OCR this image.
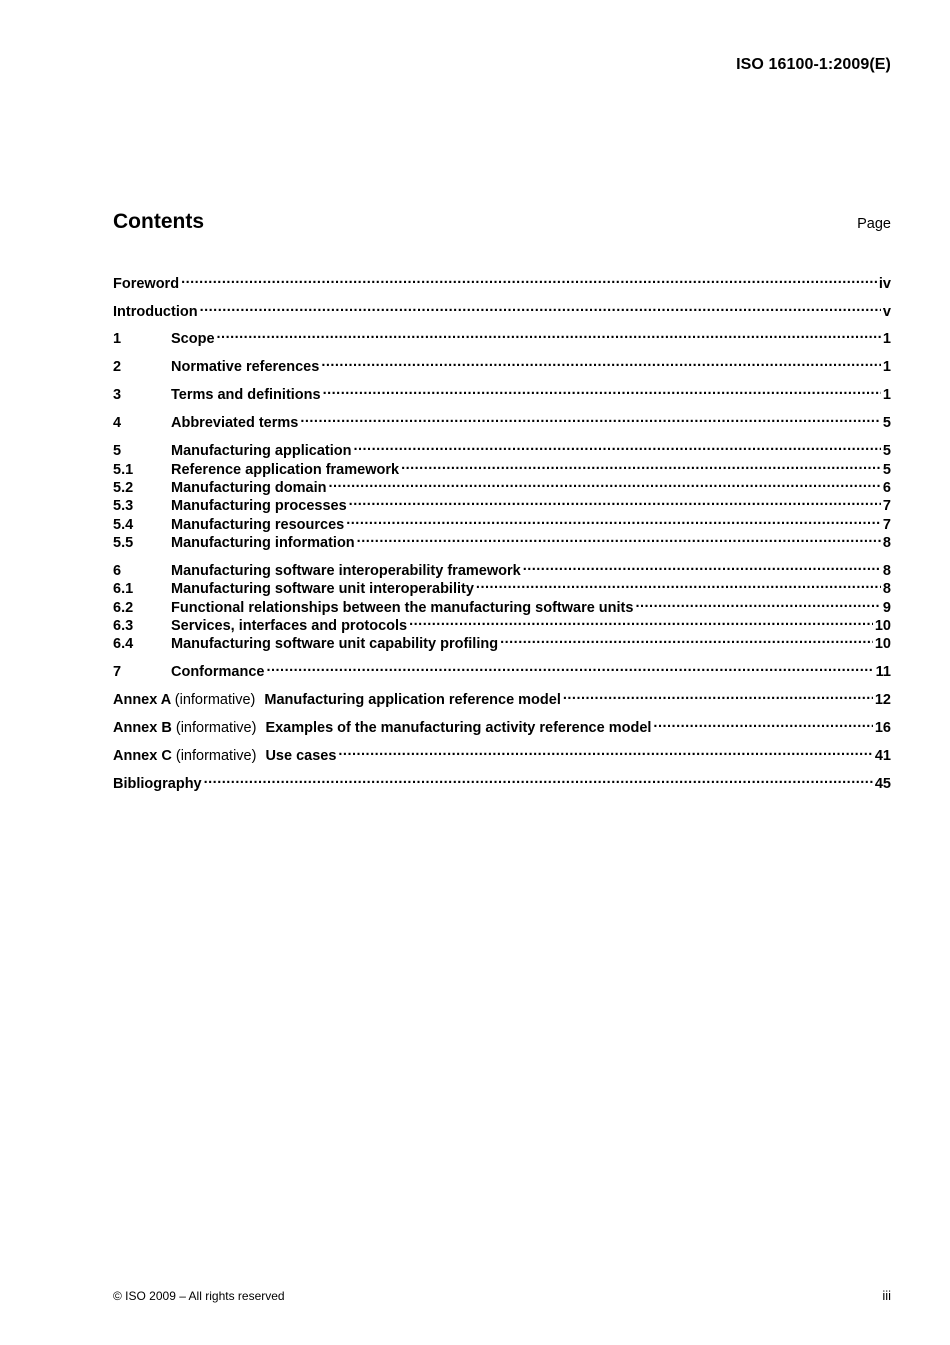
ISO 16100-1:2009(E)
Contents	Page
Foreword .....	iv
Introduction .....	v
1	Scope .....	1
2	Normative references .....	1
3	Terms and definitions .....	1
4	Abbreviated terms .....	5
5	Manufacturing application .....	5
5.1	Reference application framework .....	5
5.2	Manufacturing domain .....	6
5.3	Manufacturing processes .....	7
5.4	Manufacturing resources .....	7
5.5	Manufacturing information .....	8
6	Manufacturing software interoperability framework .....	8
6.1	Manufacturing software unit interoperability .....	8
6.2	Functional relationships between the manufacturing software units .....	9
6.3	Services, interfaces and protocols .....	10
6.4	Manufacturing software unit capability profiling .....	10
7	Conformance .....	11
Annex A (informative) Manufacturing application reference model .....	12
Annex B (informative) Examples of the manufacturing activity reference model .....	16
Annex C (informative) Use cases .....	41
Bibliography .....	45
© ISO 2009 – All rights reserved	iii
